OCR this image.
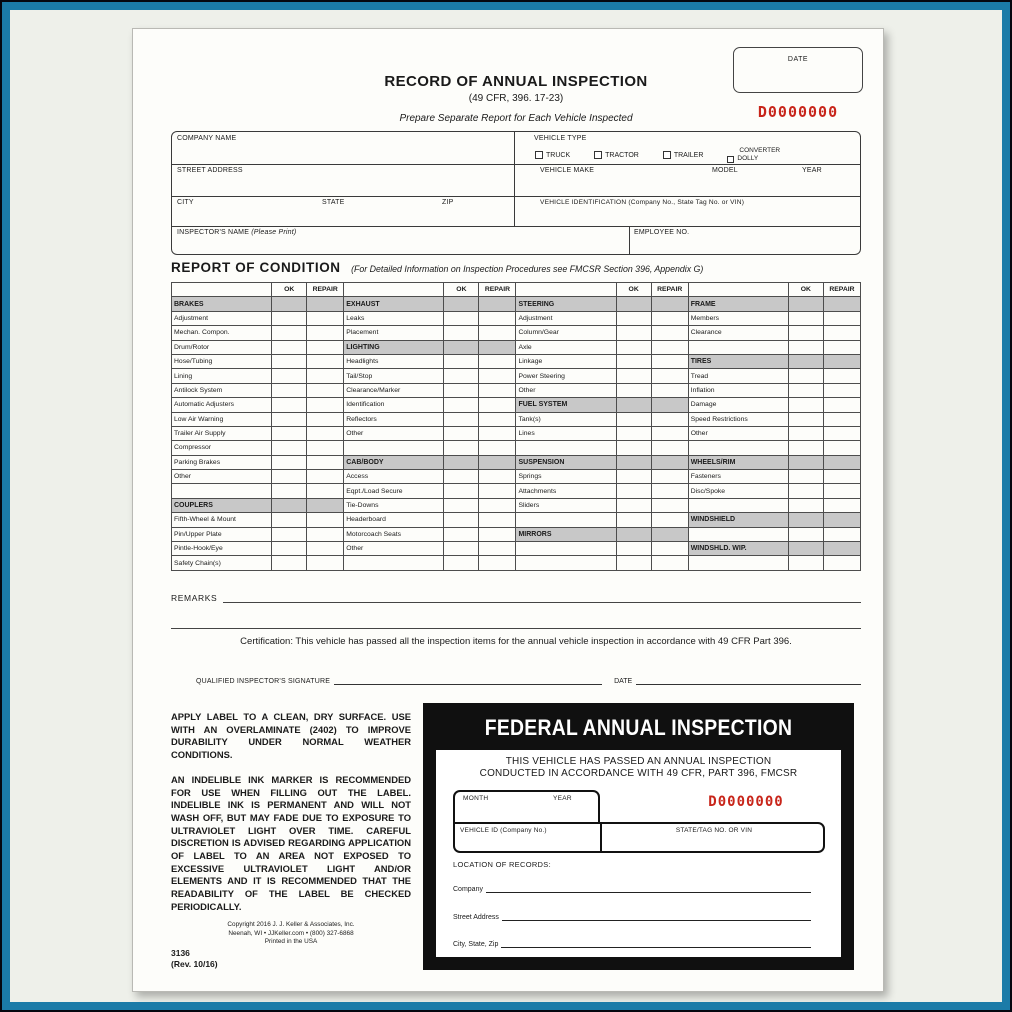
RECORD OF ANNUAL INSPECTION
(49 CFR, 396. 17-23)
Prepare Separate Report for Each Vehicle Inspected
DATE
D0000000
COMPANY NAME	VEHICLE TYPE
TRUCK	TRACTOR	TRAILER
CONVERTER
DOLLY
STREET ADDRESS	VEHICLE MAKE	MODEL	YEAR
CITY	STATE	ZIP	VEHICLE IDENTIFICATION (Company No., State Tag No. or VIN)
INSPECTOR'S NAME (Please Print)	EMPLOYEE NO.
REPORT OF CONDITION (For Detailed Information on Inspection Procedures see FMCSR Section 396, Appendix G)
	OK	REPAIR		OK	REPAIR		OK	REPAIR		OK	REPAIR
BRAKES			EXHAUST			STEERING			FRAME		
Adjustment			Leaks			Adjustment			Members		
Mechan. Compon.			Placement			Column/Gear			Clearance		
Drum/Rotor			LIGHTING			Axle					
Hose/Tubing			Headlights			Linkage			TIRES		
Lining			Tail/Stop			Power Steering			Tread		
Antilock System			Clearance/Marker			Other			Inflation		
Automatic Adjusters			Identification			FUEL SYSTEM			Damage		
Low Air Warning			Reflectors			Tank(s)			Speed Restrictions		
Trailer Air Supply			Other			Lines			Other		
Compressor											
Parking Brakes			CAB/BODY			SUSPENSION			WHEELS/RIM		
Other			Access			Springs			Fasteners		
			Eqpt./Load Secure			Attachments			Disc/Spoke		
COUPLERS			Tie-Downs			Sliders					
Fifth-Wheel & Mount			Headerboard						WINDSHIELD		
Pin/Upper Plate			Motorcoach Seats			MIRRORS					
Pintle-Hook/Eye			Other						WINDSHLD. WIP.		
Safety Chain(s)											
REMARKS
Certification: This vehicle has passed all the inspection items for the annual vehicle inspection in accordance with 49 CFR Part 396.
QUALIFIED INSPECTOR'S SIGNATURE	DATE

APPLY LABEL TO A CLEAN, DRY SURFACE. USE WITH AN OVERLAMINATE (2402) TO IMPROVE DURABILITY UNDER NORMAL WEATHER CONDITIONS.

AN INDELIBLE INK MARKER IS RECOMMENDED FOR USE WHEN FILLING OUT THE LABEL. INDELIBLE INK IS PERMANENT AND WILL NOT WASH OFF, BUT MAY FADE DUE TO EXPOSURE TO ULTRAVIOLET LIGHT OVER TIME. CAREFUL DISCRETION IS ADVISED REGARDING APPLICATION OF LABEL TO AN AREA NOT EXPOSED TO EXCESSIVE ULTRAVIOLET LIGHT AND/OR ELEMENTS AND IT IS RECOMMENDED THAT THE READABILITY OF THE LABEL BE CHECKED PERIODICALLY.

Copyright 2016 J. J. Keller & Associates, Inc.
Neenah, WI • JJKeller.com • (800) 327-6868
Printed in the USA
3136
(Rev. 10/16)
FEDERAL ANNUAL INSPECTION
THIS VEHICLE HAS PASSED AN ANNUAL INSPECTION
CONDUCTED IN ACCORDANCE WITH 49 CFR, PART 396, FMCSR
MONTH	YEAR	D0000000
VEHICLE ID (Company No.)	STATE/TAG NO. OR VIN
LOCATION OF RECORDS:
Company
Street Address
City, State, Zip
